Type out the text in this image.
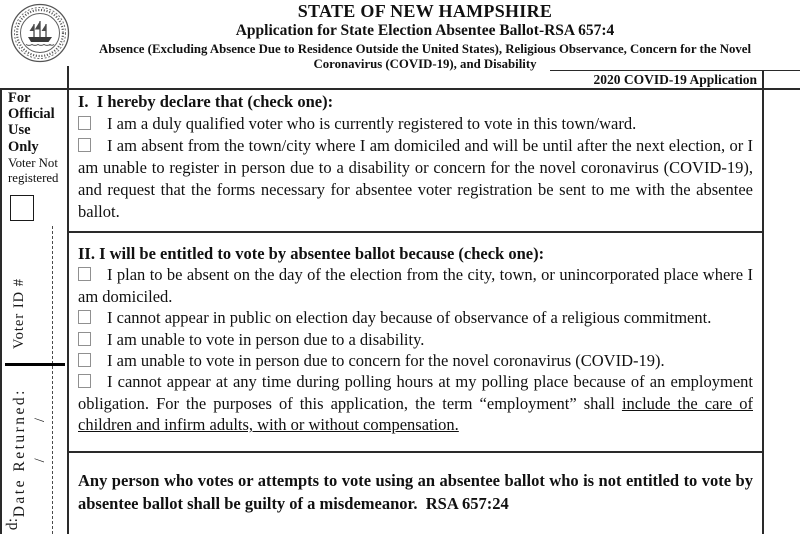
STATE OF NEW HAMPSHIRE
Application for State Election Absentee Ballot-RSA 657:4
Absence (Excluding Absence Due to Residence Outside the United States), Religious Observance, Concern for the Novel Coronavirus (COVID-19), and Disability
2020 COVID-19 Application
For Official Use Only
Voter Not registered
Voter ID #
Date Returned: /          /
d:

I.  I hereby declare that (check one):

I am a duly qualified voter who is currently registered to vote in this town/ward.

I am absent from the town/city where I am domiciled and will be until after the next election, or I am unable to register in person due to a disability or concern for the novel coronavirus (COVID-19), and request that the forms necessary for absentee voter registration be sent to me with the absentee ballot.

II. I will be entitled to vote by absentee ballot because (check one):

I plan to be absent on the day of the election from the city, town, or unincorporated place where I am domiciled.

I cannot appear in public on election day because of observance of a religious commitment.

I am unable to vote in person due to a disability.

I am unable to vote in person due to concern for the novel coronavirus (COVID-19).

I cannot appear at any time during polling hours at my polling place because of an employment obligation. For the purposes of this application, the term “employment” shall include the care of children and infirm adults, with or without compensation.

Any person who votes or attempts to vote using an absentee ballot who is not entitled to vote by absentee ballot shall be guilty of a misdemeanor.  RSA 657:24
